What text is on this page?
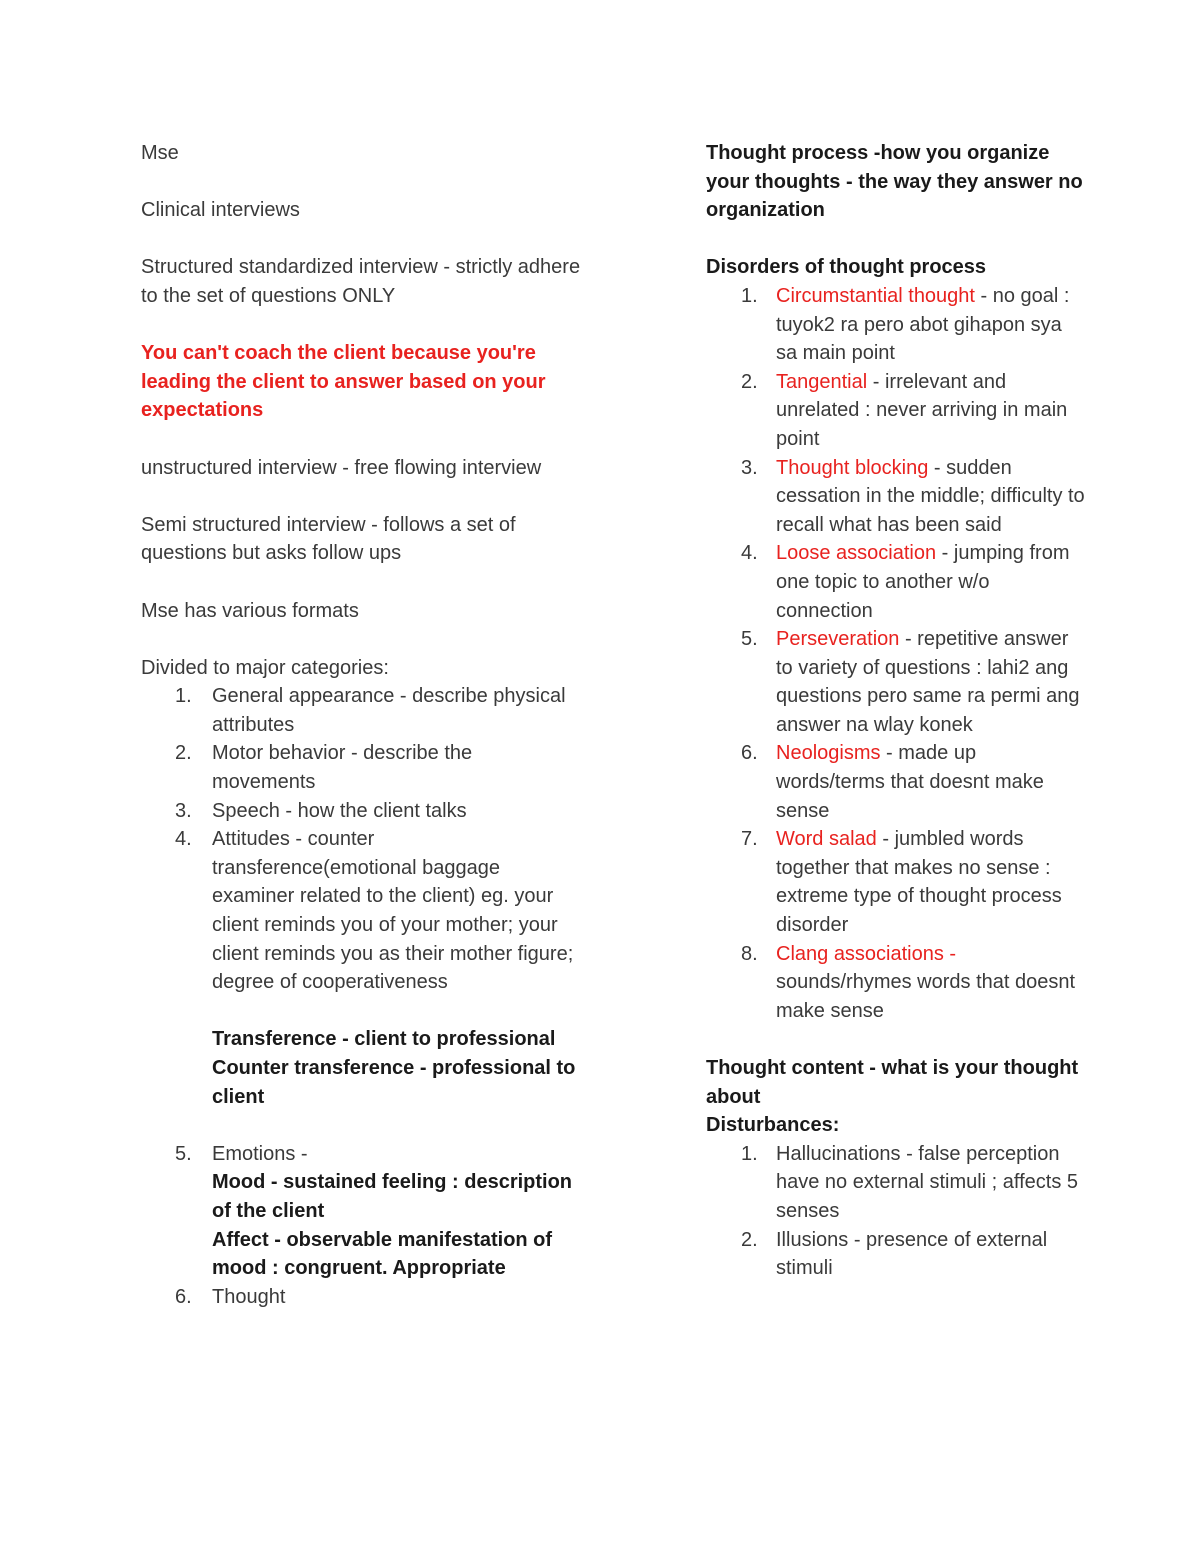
Mse

Clinical interviews

Structured standardized interview - strictly adhere to the set of questions ONLY

You can't coach the client because you're leading the client to answer based on your expectations

unstructured interview - free flowing interview

Semi structured interview - follows a set of questions but asks follow ups

Mse has various formats

Divided to major categories:

1. General appearance - describe physical attributes
2. Motor behavior - describe the movements
3. Speech - how the client talks
4. Attitudes - counter transference(emotional baggage examiner related to the client) eg. your client reminds you of your mother; your client reminds you as their mother figure; degree of cooperativeness
Transference - client to professional
Counter transference - professional to client
5. Emotions -
Mood - sustained feeling : description of the client
Affect - observable manifestation of mood : congruent. Appropriate
6. Thought

Thought process -how you organize your thoughts - the way they answer no organization

Disorders of thought process

1. Circumstantial thought - no goal : tuyok2 ra pero abot gihapon sya sa main point
2. Tangential - irrelevant and unrelated : never arriving in main point
3. Thought blocking - sudden cessation in the middle; difficulty to recall what has been said
4. Loose association - jumping from one topic to another w/o connection
5. Perseveration - repetitive answer to variety of questions : lahi2 ang questions pero same ra permi ang answer na wlay konek
6. Neologisms - made up words/terms that doesnt make sense
7. Word salad - jumbled words together that makes no sense : extreme type of thought process disorder
8. Clang associations - sounds/rhymes words that doesnt make sense

Thought content - what is your thought about

Disturbances:

1. Hallucinations - false perception have no external stimuli ; affects 5 senses
2. Illusions - presence of external stimuli
